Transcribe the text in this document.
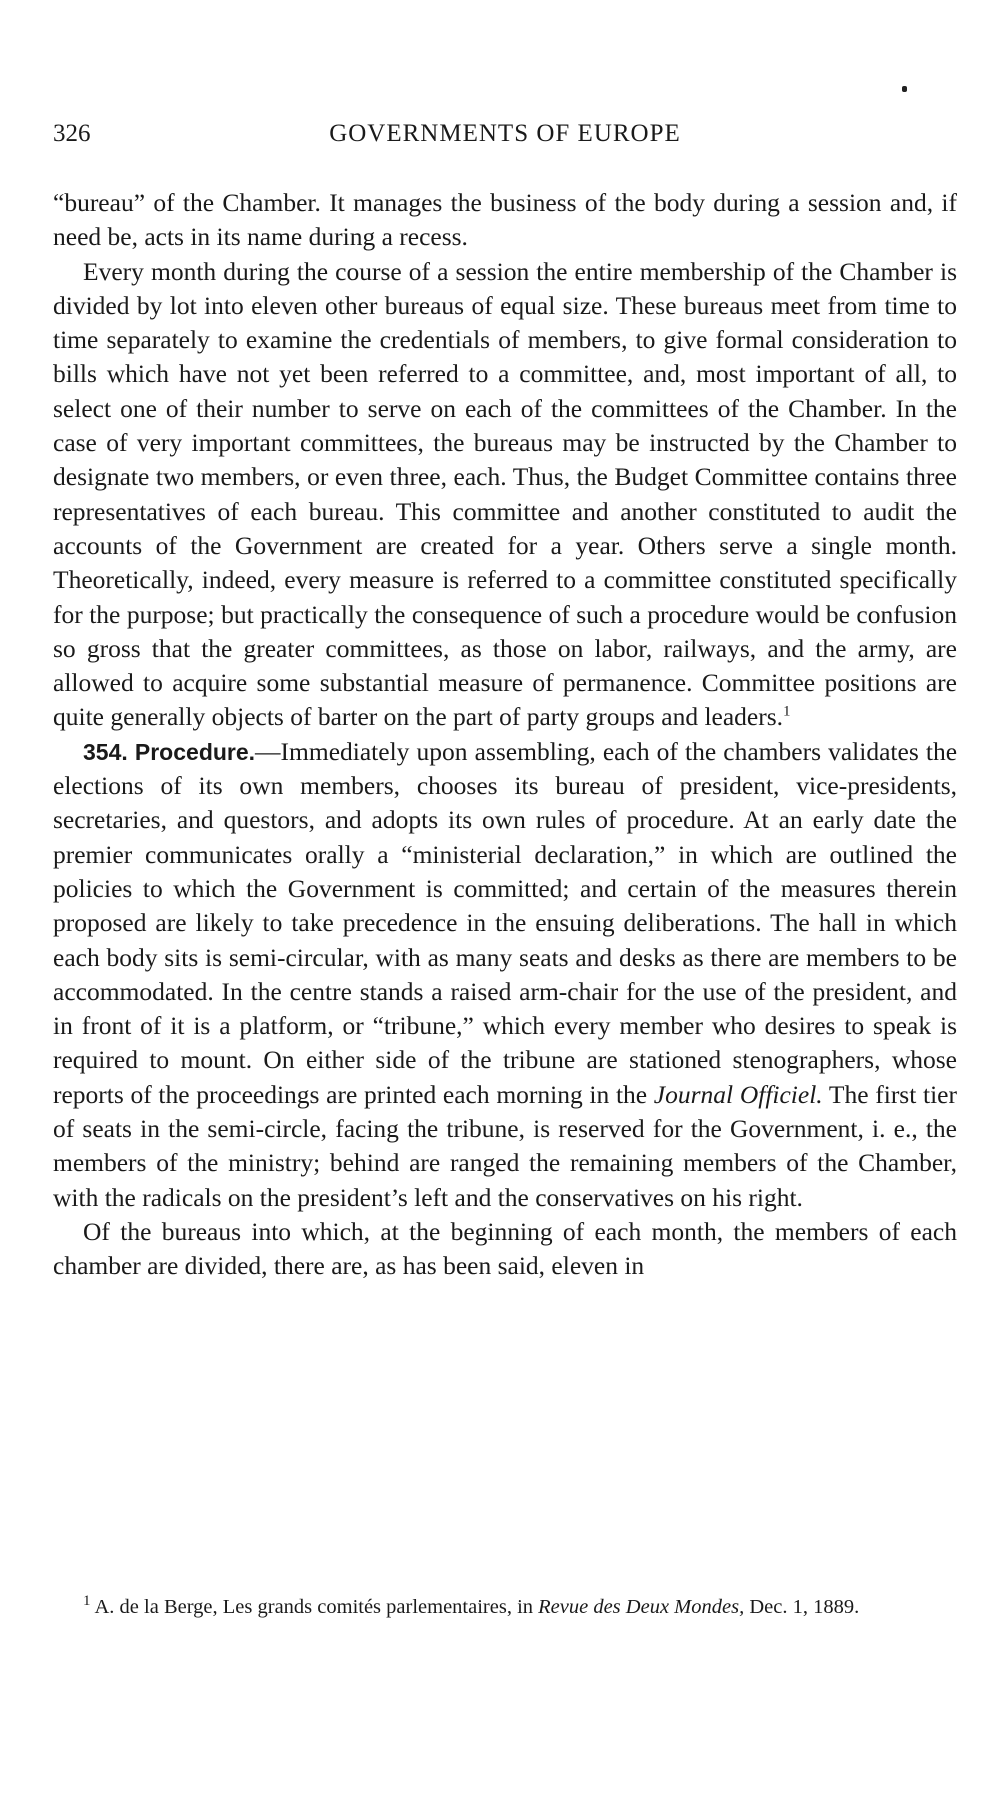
326	GOVERNMENTS OF EUROPE

“bureau” of the Chamber. It manages the business of the body during a session and, if need be, acts in its name during a recess.

Every month during the course of a session the entire membership of the Chamber is divided by lot into eleven other bureaus of equal size. These bureaus meet from time to time separately to examine the credentials of members, to give formal consideration to bills which have not yet been referred to a committee, and, most important of all, to select one of their number to serve on each of the committees of the Chamber. In the case of very important committees, the bureaus may be instructed by the Chamber to designate two members, or even three, each. Thus, the Budget Committee contains three representatives of each bureau. This committee and another constituted to audit the accounts of the Government are created for a year. Others serve a single month. Theoretically, indeed, every measure is referred to a committee constituted specifically for the purpose; but practically the consequence of such a procedure would be confusion so gross that the greater committees, as those on labor, railways, and the army, are allowed to acquire some substantial measure of permanence. Committee positions are quite generally objects of barter on the part of party groups and leaders.$^1$

354. Procedure.—Immediately upon assembling, each of the chambers validates the elections of its own members, chooses its bureau of president, vice-presidents, secretaries, and questors, and adopts its own rules of procedure. At an early date the premier communicates orally a “ministerial declaration,” in which are outlined the policies to which the Government is committed; and certain of the measures therein proposed are likely to take precedence in the ensuing deliberations. The hall in which each body sits is semi-circular, with as many seats and desks as there are members to be accommodated. In the centre stands a raised arm-chair for the use of the president, and in front of it is a platform, or “tribune,” which every member who desires to speak is required to mount. On either side of the tribune are stationed stenographers, whose reports of the proceedings are printed each morning in the Journal Officiel. The first tier of seats in the semi-circle, facing the tribune, is reserved for the Government, i. e., the members of the ministry; behind are ranged the remaining members of the Chamber, with the radicals on the president’s left and the conservatives on his right.

Of the bureaus into which, at the beginning of each month, the members of each chamber are divided, there are, as has been said, eleven in

$^1$ A. de la Berge, Les grands comités parlementaires, in Revue des Deux Mondes, Dec. 1, 1889.
